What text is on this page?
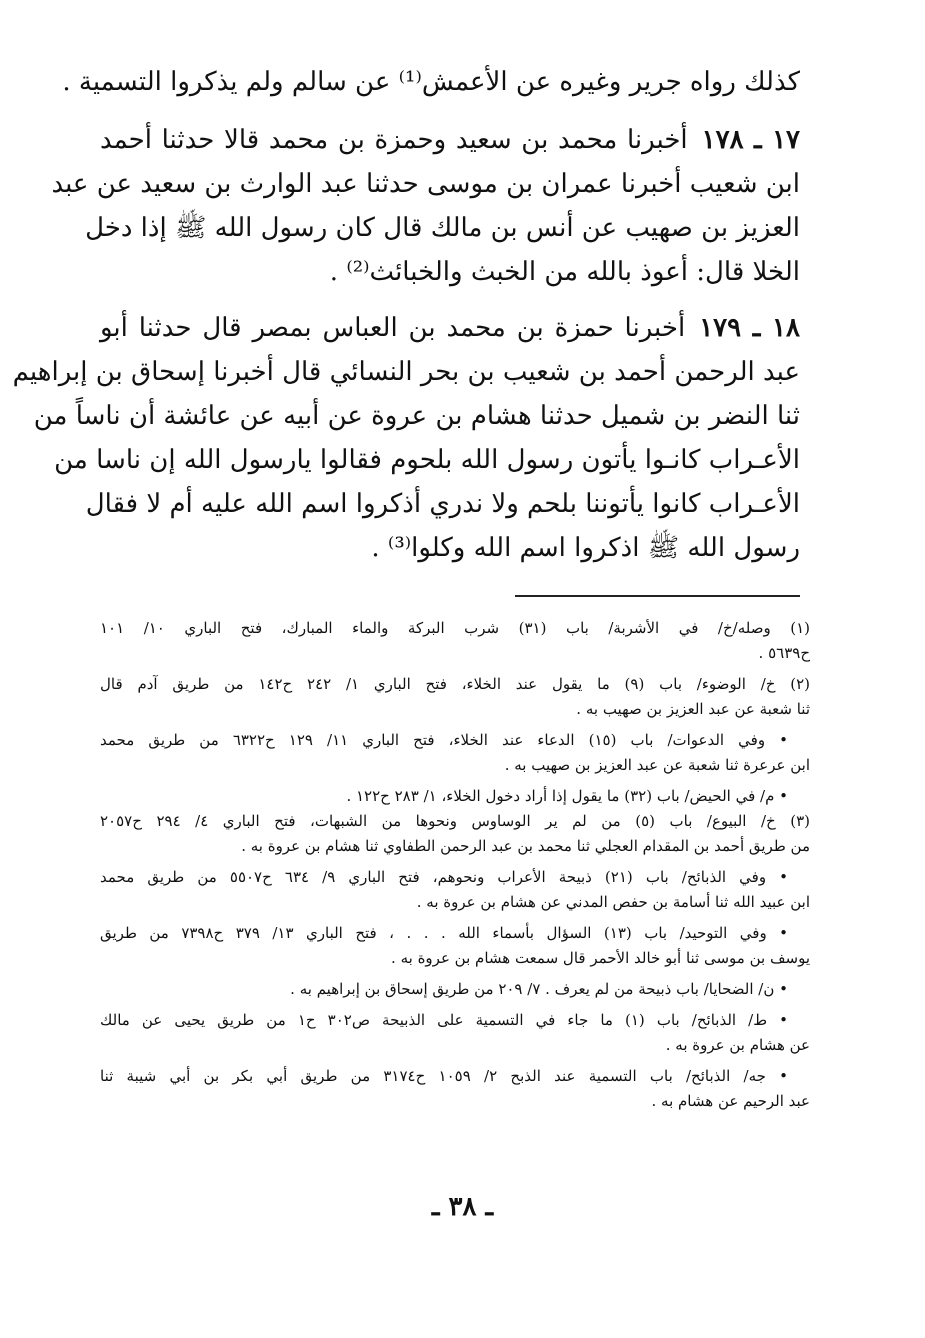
كذلك رواه جرير وغيره عن الأعمش⁽¹⁾ عن سالم ولم يذكروا التسمية .
١٧ ـ ١٧٨أخبرنا محمد بن سعيد وحمزة بن محمد قالا حدثنا أحمد
ابن شعيب أخبرنا عمران بن موسى حدثنا عبد الوارث بن سعيد عن عبد
العزيز بن صهيب عن أنس بن مالك قال كان رسول الله ﷺ إذا دخل
الخلا قال: أعوذ بالله من الخبث والخبائث⁽²⁾ .
١٨ ـ ١٧٩أخبرنا حمزة بن محمد بن العباس بمصر قال حدثنا أبو
عبد الرحمن أحمد بن شعيب بن بحر النسائي قال أخبرنا إسحاق بن إبراهيم
ثنا النضر بن شميل حدثنا هشام بن عروة عن أبيه عن عائشة أن ناساً من
الأعـراب كانـوا يأتون رسول الله بلحوم فقالوا يارسول الله إن ناسا من
الأعـراب كانوا يأتوننا بلحم ولا ندري أذكروا اسم الله عليه أم لا فقال
رسول الله ﷺ اذكروا اسم الله وكلوا⁽³⁾ .
(١) وصله/خ/ في الأشربة/ باب (٣١) شرب البركة والماء المبارك، فتح الباري ١٠/ ١٠١
ح٥٦٣٩ .
(٢) خ/ الوضوء/ باب (٩) ما يقول عند الخلاء، فتح الباري ١/ ٢٤٢ ح١٤٢ من طريق آدم قال
ثنا شعبة عن عبد العزيز بن صهيب به .
• وفي الدعوات/ باب (١٥) الدعاء عند الخلاء، فتح الباري ١١/ ١٢٩ ح٦٣٢٢ من طريق محمد
ابن عرعرة ثنا شعبة عن عبد العزيز بن صهيب به .
• م/ في الحيض/ باب (٣٢) ما يقول إذا أراد دخول الخلاء، ١/ ٢٨٣ ح١٢٢ .
(٣) خ/ البيوع/ باب (٥) من لم ير الوساوس ونحوها من الشبهات، فتح الباري ٤/ ٢٩٤ ح٢٠٥٧
من طريق أحمد بن المقدام العجلي ثنا محمد بن عبد الرحمن الطفاوي ثنا هشام بن عروة به .
• وفي الذبائح/ باب (٢١) ذبيحة الأعراب ونحوهم، فتح الباري ٩/ ٦٣٤ ح٥٥٠٧ من طريق محمد
ابن عبيد الله ثنا أسامة بن حفص المدني عن هشام بن عروة به .
• وفي التوحيد/ باب (١٣) السؤال بأسماء الله . . . ، فتح الباري ١٣/ ٣٧٩ ح٧٣٩٨ من طريق
يوسف بن موسى ثنا أبو خالد الأحمر قال سمعت هشام بن عروة به .
• ن/ الضحايا/ باب ذبيحة من لم يعرف . ٧/ ٢٠٩ من طريق إسحاق بن إبراهيم به .
• ط/ الذبائح/ باب (١) ما جاء في التسمية على الذبيحة ص٣٠٢ ح١ من طريق يحيى عن مالك
عن هشام بن عروة به .
• جه/ الذبائح/ باب التسمية عند الذبح ٢/ ١٠٥٩ ح٣١٧٤ من طريق أبي بكر بن أبي شيبة ثنا
عبد الرحيم عن هشام به .
ـ ٣٨ ـ
